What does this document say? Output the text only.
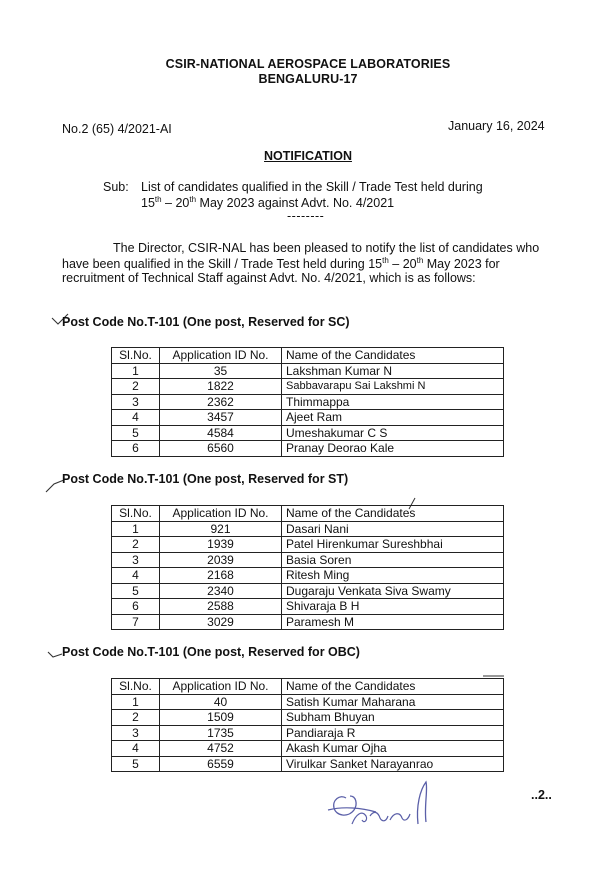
CSIR-NATIONAL AEROSPACE LABORATORIES
BENGALURU-17
No.2 (65) 4/2021-AI	January 16, 2024
NOTIFICATION
Sub: List of candidates qualified in the Skill / Trade Test held during
15th – 20th May 2023 against Advt. No. 4/2021
--------
The Director, CSIR-NAL has been pleased to notify the list of candidates who
have been qualified in the Skill / Trade Test held during 15th – 20th May 2023 for
recruitment of Technical Staff against Advt. No. 4/2021, which is as follows:
Post Code No.T-101 (One post, Reserved for SC)
Sl.No.	Application ID No.	Name of the Candidates
1	35	Lakshman Kumar N
2	1822	Sabbavarapu Sai Lakshmi N
3	2362	Thimmappa
4	3457	Ajeet Ram
5	4584	Umeshakumar C S
6	6560	Pranay Deorao Kale
Post Code No.T-101 (One post, Reserved for ST)
Sl.No.	Application ID No.	Name of the Candidates
1	921	Dasari Nani
2	1939	Patel Hirenkumar Sureshbhai
3	2039	Basia Soren
4	2168	Ritesh Ming
5	2340	Dugaraju Venkata Siva Swamy
6	2588	Shivaraja B H
7	3029	Paramesh M
Post Code No.T-101 (One post, Reserved for OBC)
Sl.No.	Application ID No.	Name of the Candidates
1	40	Satish Kumar Maharana
2	1509	Subham Bhuyan
3	1735	Pandiaraja R
4	4752	Akash Kumar Ojha
5	6559	Virulkar Sanket Narayanrao
..2..
